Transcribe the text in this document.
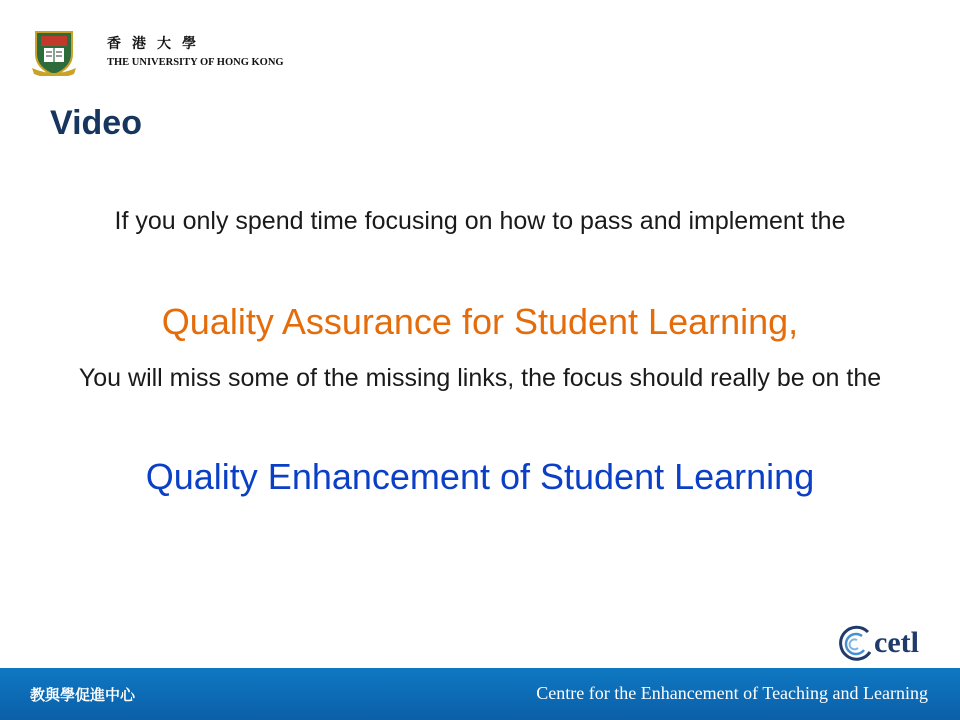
香港大學
THE UNIVERSITY OF HONG KONG
Video
If you only spend time focusing on how to pass and implement the
Quality Assurance for Student Learning,
You will miss some of the missing links, the focus should really be on the
Quality Enhancement of Student Learning
cetl
教與學促進中心	Centre for the Enhancement of Teaching and Learning
